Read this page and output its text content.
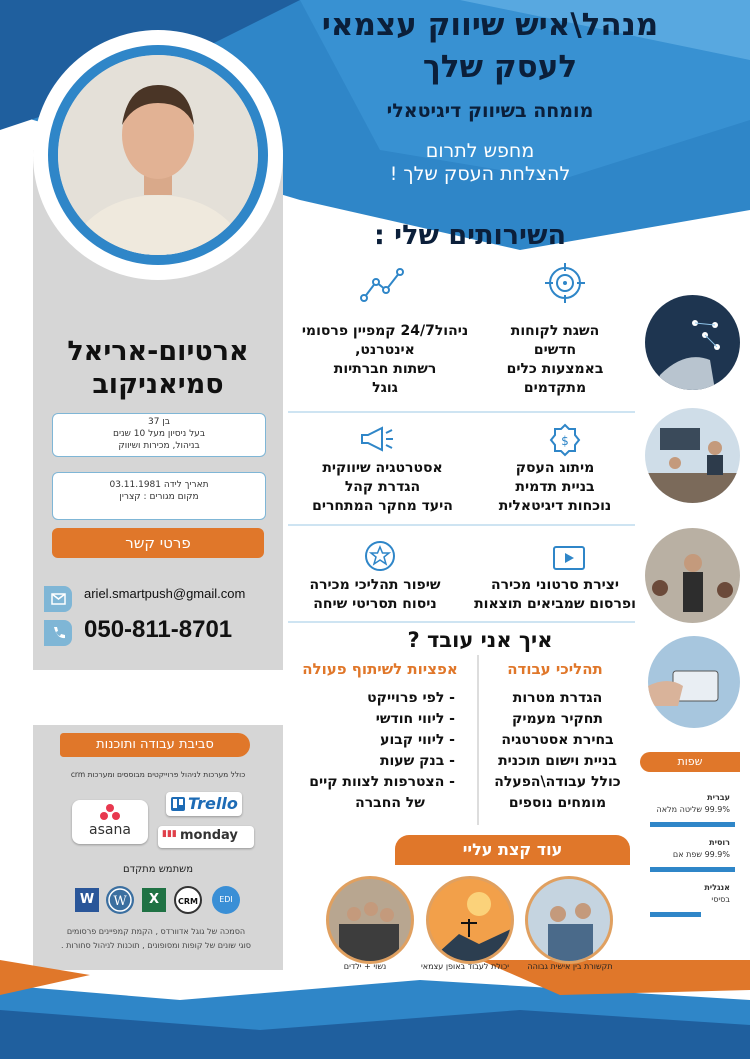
מנהל\איש שיווק עצמאי
לעסק שלך
מומחה בשיווק דיגיטאלי
מחפש לתרום
להצלחת העסק שלך !
ארטיום-אריאל
סמיאניקוב
בן 37
בעל ניסיון מעל 10 שנים
בניהול, מכירות ושיווק
תאריך לידה 03.11.1981
מקום מגורים : קצרין
פרטי קשר
ariel.smartpush@gmail.com
050-811-8701
השירותים שלי :
$
השגת לקוחות
חדשים
באמצעות כלים
מתקדמים
ניהול24/7 קמפיין פרסומי
אינטרנט,
רשתות חברתיות
גוגל
מיתוג העסק
בניית תדמית
נוכחות דיגיטאלית
אסטרטגיה שיווקית
הגדרת קהל
היעד מחקר המתחרים
יצירת סרטוני מכירה
ופרסום שמביאים תוצאות
שיפור תהליכי מכירה
ניסוח תסריטי שיחה
איך אני עובד ?
תהליכי עבודה
אפציות לשיתוף פעולה
הגדרת מטרות
תחקיר מעמיק
בחירת אסטרטגיה
בניית וישום תוכנית
כולל עבודה\הפעלה
מומחים נוספים
- לפי פרוייקט
- ליווי חודשי
- ליווי קבוע
- בנק שעות
- הצטרפות לצוות קיים
של החברה
סביבת עבודה ותוכנות
כולל מערכות לניהול פרוייקטים מבוססים ומערכות crm
Trello
asana	▮▮▮ monday
משתמש מתקדם
W	W	X	CRM	EDI
הסמכה של גוגל אדוורדס , הקמת קמפיינים פרסומים
סוגי שונים של קופות ומסופונים , תוכנות לניהול סחורות .
שפות
עברית
99.9% שליטה מלאה
רוסית
99.9% שפת אם
אנגלית
בסיסי
עוד קצת עליי
תקשורת בין אישית גבוהה
יכולת לעבוד באופן עצמאי
נשוי + ילדים
